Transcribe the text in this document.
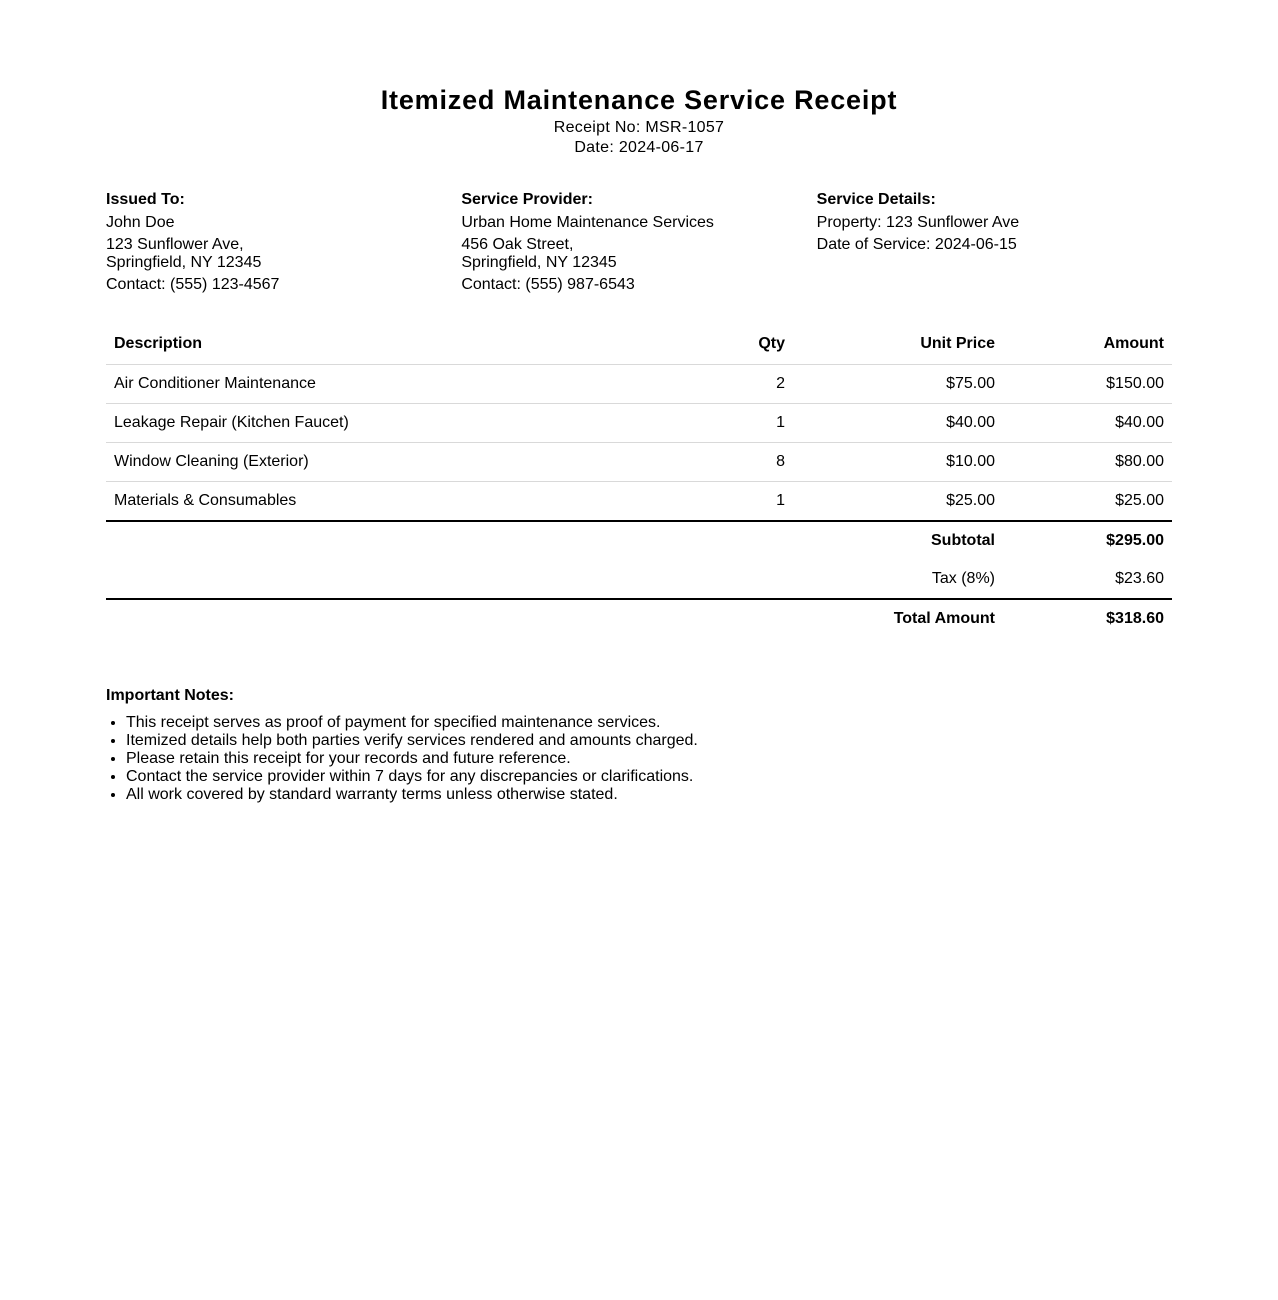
Itemized Maintenance Service Receipt
Receipt No: MSR-1057
Date: 2024-06-17
Issued To:
John Doe
123 Sunflower Ave,
Springfield, NY 12345
Contact: (555) 123-4567
Service Provider:
Urban Home Maintenance Services
456 Oak Street,
Springfield, NY 12345
Contact: (555) 987-6543
Service Details:
Property: 123 Sunflower Ave
Date of Service: 2024-06-15
Description	Qty	Unit Price	Amount
Air Conditioner Maintenance	2	$75.00	$150.00
Leakage Repair (Kitchen Faucet)	1	$40.00	$40.00
Window Cleaning (Exterior)	8	$10.00	$80.00
Materials & Consumables	1	$25.00	$25.00
Subtotal	$295.00
Tax (8%)	$23.60
Total Amount	$318.60
Important Notes:
• This receipt serves as proof of payment for specified maintenance services.
• Itemized details help both parties verify services rendered and amounts charged.
• Please retain this receipt for your records and future reference.
• Contact the service provider within 7 days for any discrepancies or clarifications.
• All work covered by standard warranty terms unless otherwise stated.
